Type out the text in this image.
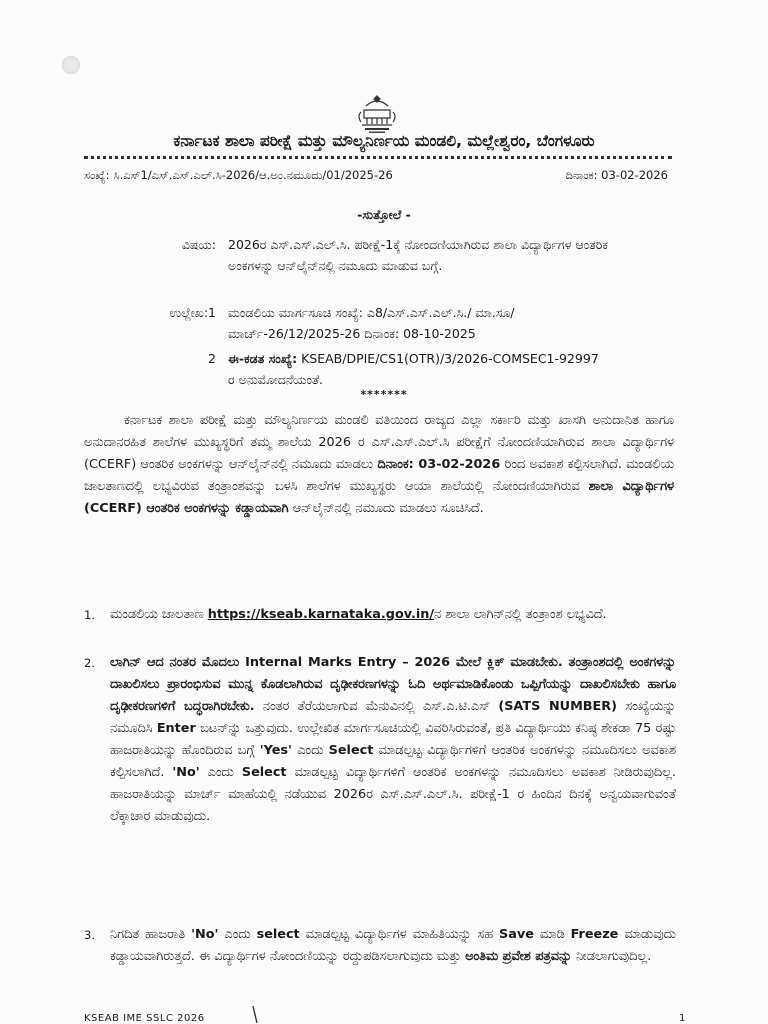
ಕರ್ನಾಟಕ ಶಾಲಾ ಪರೀಕ್ಷೆ ಮತ್ತು ಮೌಲ್ಯನಿರ್ಣಯ ಮಂಡಲಿ, ಮಲ್ಲೇಶ್ವರಂ, ಬೆಂಗಳೂರು
ಸಂಖ್ಯೆ: ಸಿ.ಎಸ್1/ಎಸ್.ಎಸ್.ಎಲ್.ಸಿ-2026/ಆ.ಅಂ.ನಮೂದು/01/2025-26	ದಿನಾಂಕ: 03-02-2026
-ಸುತ್ತೋಲೆ -
ವಿಷಯ: 2026ರ ಎಸ್.ಎಸ್.ಎಲ್.ಸಿ. ಪರೀಕ್ಷೆ-1ಕ್ಕೆ ನೋಂದಣಿಯಾಗಿರುವ ಶಾಲಾ ವಿದ್ಯಾರ್ಥಿಗಳ ಆಂತರಿಕ ಅಂಕಗಳನ್ನು ಆನ್‌ಲೈನ್‌ನಲ್ಲಿ ನಮೂದು ಮಾಡುವ ಬಗ್ಗೆ.
ಉಲ್ಲೇಖ:1 ಮಂಡಲಿಯ ಮಾರ್ಗಸೂಚಿ ಸಂಖ್ಯೆ: ಎ8/ಎಸ್.ಎಸ್.ಎಲ್.ಸಿ./ ಮಾ.ಸೂ/ಮಾರ್ಚ್-26/12/2025-26 ದಿನಾಂಕ: 08-10-2025
2 ಈ-ಕಡತ ಸಂಖ್ಯೆ: KSEAB/DPIE/CS1(OTR)/3/2026-COMSEC1-92997
ರ ಅನುಮೋದನೆಯಂತೆ.
*******
ಕರ್ನಾಟಕ ಶಾಲಾ ಪರೀಕ್ಷೆ ಮತ್ತು ಮೌಲ್ಯನಿರ್ಣಯ ಮಂಡಲಿ ವತಿಯಿಂದ ರಾಜ್ಯದ ಎಲ್ಲಾ ಸರ್ಕಾರಿ ಮತ್ತು ಖಾಸಗಿ ಅನುದಾನಿತ ಹಾಗೂ ಅನುದಾನರಹಿತ ಶಾಲೆಗಳ ಮುಖ್ಯಸ್ಥರಿಗೆ ತಮ್ಮ ಶಾಲೆಯ 2026 ರ ಎಸ್.ಎಸ್.ಎಲ್.ಸಿ ಪರೀಕ್ಷೆಗೆ ನೋಂದಣಿಯಾಗಿರುವ ಶಾಲಾ ವಿದ್ಯಾರ್ಥಿಗಳ (CCERF) ಆಂತರಿಕ ಅಂಕಗಳನ್ನು ಆನ್‌ಲೈನ್‌ನಲ್ಲಿ ನಮೂದು ಮಾಡಲು ದಿನಾಂಕ: 03-02-2026 ರಿಂದ ಅವಕಾಶ ಕಲ್ಪಿಸಲಾಗಿದೆ. ಮಂಡಲಿಯ ಜಾಲತಾಣದಲ್ಲಿ ಲಭ್ಯವಿರುವ ತಂತ್ರಾಂಶವನ್ನು ಬಳಸಿ ಶಾಲೆಗಳ ಮುಖ್ಯಸ್ಥರು ಆಯಾ ಶಾಲೆಯಲ್ಲಿ ನೋಂದಣಿಯಾಗಿರುವ ಶಾಲಾ ವಿದ್ಯಾರ್ಥಿಗಳ (CCERF) ಆಂತರಿಕ ಅಂಕಗಳನ್ನು ಕಡ್ಡಾಯವಾಗಿ ಆನ್‌ಲೈನ್‌ನಲ್ಲಿ ನಮೂದು ಮಾಡಲು ಸೂಚಿಸಿದೆ.
1. ಮಂಡಲಿಯ ಜಾಲತಾಣ https://kseab.karnataka.gov.in/ನ ಶಾಲಾ ಲಾಗಿನ್‌ನಲ್ಲಿ ತಂತ್ರಾಂಶ ಲಭ್ಯವಿದೆ.
2. ಲಾಗಿನ್ ಆದ ನಂತರ ಮೊದಲು Internal Marks Entry – 2026 ಮೇಲೆ ಕ್ಲಿಕ್ ಮಾಡಬೇಕು. ತಂತ್ರಾಂಶದಲ್ಲಿ ಅಂಕಗಳನ್ನು ದಾಖಲಿಸಲು ಪ್ರಾರಂಭಿಸುವ ಮುನ್ನ ಕೊಡಲಾಗಿರುವ ದೃಢೀಕರಣಗಳನ್ನು ಓದಿ ಅರ್ಥಮಾಡಿಕೊಂಡು ಒಪ್ಪಿಗೆಯನ್ನು ದಾಖಲಿಸಬೇಕು ಹಾಗೂ ದೃಢೀಕರಣಗಳಿಗೆ ಬದ್ಧರಾಗಿರಬೇಕು. ನಂತರ ತೆರೆಯಲಾಗುವ ಮೆನುವಿನಲ್ಲಿ ಎಸ್.ಎ.ಟಿ.ಎಸ್ (SATS NUMBER) ಸಂಖ್ಯೆಯನ್ನು ನಮೂದಿಸಿ Enter ಬಟನ್‌ನ್ನು ಒತ್ತುವುದು. ಉಲ್ಲೇಖಿತ ಮಾರ್ಗಸೂಚಿಯಲ್ಲಿ ವಿವರಿಸಿರುವಂತೆ, ಪ್ರತಿ ವಿದ್ಯಾರ್ಥಿಯು ಕನಿಷ್ಠ ಶೇಕಡಾ 75 ರಷ್ಟು ಹಾಜರಾತಿಯನ್ನು ಹೊಂದಿರುವ ಬಗ್ಗೆ 'Yes' ಎಂದು Select ಮಾಡಲ್ಪಟ್ಟ ವಿದ್ಯಾರ್ಥಿಗಳಿಗೆ ಆಂತರಿಕ ಅಂಕಗಳನ್ನು ನಮೂದಿಸಲು ಅವಕಾಶ ಕಲ್ಪಿಸಲಾಗಿದೆ. 'No' ಎಂದು Select ಮಾಡಲ್ಪಟ್ಟ ವಿದ್ಯಾರ್ಥಿಗಳಿಗೆ ಆಂತರಿಕ ಅಂಕಗಳನ್ನು ನಮೂದಿಸಲು ಅವಕಾಶ ನೀಡಿರುವುದಿಲ್ಲ. ಹಾಜರಾತಿಯನ್ನು ಮಾರ್ಚ್ ಮಾಹೆಯಲ್ಲಿ ನಡೆಯುವ 2026ರ ಎಸ್.ಎಸ್.ಎಲ್.ಸಿ. ಪರೀಕ್ಷೆ-1 ರ ಹಿಂದಿನ ದಿನಕ್ಕೆ ಅನ್ವಯವಾಗುವಂತೆ ಲೆಕ್ಕಾಚಾರ ಮಾಡುವುದು.
3. ನಿಗದಿತ ಹಾಜರಾತಿ 'No' ಎಂದು select ಮಾಡಲ್ಪಟ್ಟ ವಿದ್ಯಾರ್ಥಿಗಳ ಮಾಹಿತಿಯನ್ನು ಸಹ Save ಮಾಡಿ Freeze ಮಾಡುವುದು ಕಡ್ಡಾಯವಾಗಿರುತ್ತದೆ. ಈ ವಿದ್ಯಾರ್ಥಿಗಳ ನೋಂದಣಿಯನ್ನು ರದ್ದುಪಡಿಸಲಾಗುವುದು ಮತ್ತು ಅಂತಿಮ ಪ್ರವೇಶ ಪತ್ರವನ್ನು ನೀಡಲಾಗುವುದಿಲ್ಲ.
KSEAB IME SSLC 2026	1
